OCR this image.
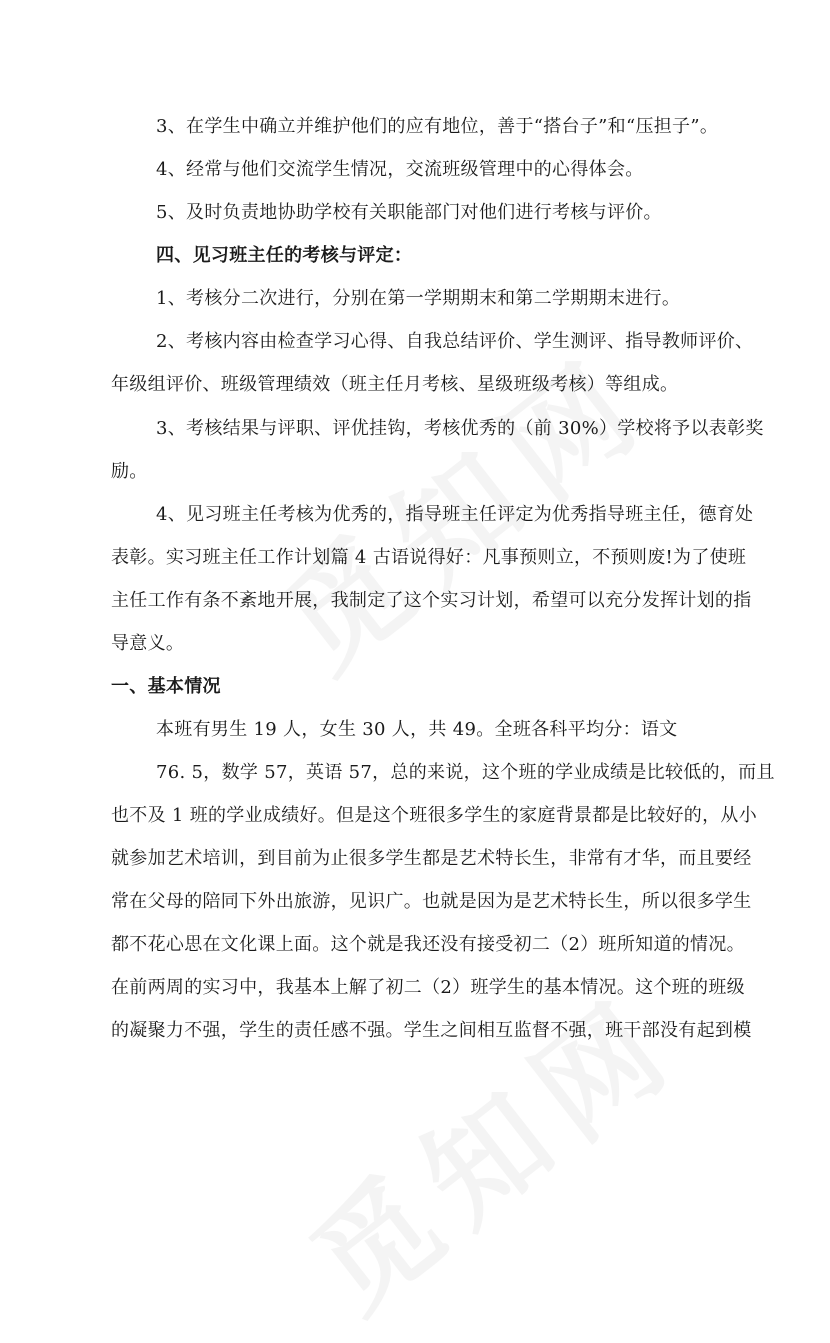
3、在学生中确立并维护他们的应有地位，善于“搭台子”和“压担子”。
4、经常与他们交流学生情况，交流班级管理中的心得体会。
5、及时负责地协助学校有关职能部门对他们进行考核与评价。
四、见习班主任的考核与评定：
1、考核分二次进行，分别在第一学期期末和第二学期期末进行。
2、考核内容由检查学习心得、自我总结评价、学生测评、指导教师评价、
年级组评价、班级管理绩效（班主任月考核、星级班级考核）等组成。
3、考核结果与评职、评优挂钩，考核优秀的（前 30%）学校将予以表彰奖
励。
4、见习班主任考核为优秀的，指导班主任评定为优秀指导班主任，德育处
表彰。实习班主任工作计划篇 4 古语说得好：凡事预则立，不预则废!为了使班
主任工作有条不紊地开展，我制定了这个实习计划，希望可以充分发挥计划的指
导意义。
一、基本情况
本班有男生 19 人，女生 30 人，共 49。全班各科平均分：语文
76. 5，数学 57，英语 57，总的来说，这个班的学业成绩是比较低的，而且
也不及 1 班的学业成绩好。但是这个班很多学生的家庭背景都是比较好的，从小
就参加艺术培训，到目前为止很多学生都是艺术特长生，非常有才华，而且要经
常在父母的陪同下外出旅游，见识广。也就是因为是艺术特长生，所以很多学生
都不花心思在文化课上面。这个就是我还没有接受初二（2）班所知道的情况。
在前两周的实习中，我基本上解了初二（2）班学生的基本情况。这个班的班级
的凝聚力不强，学生的责任感不强。学生之间相互监督不强，班干部没有起到模
